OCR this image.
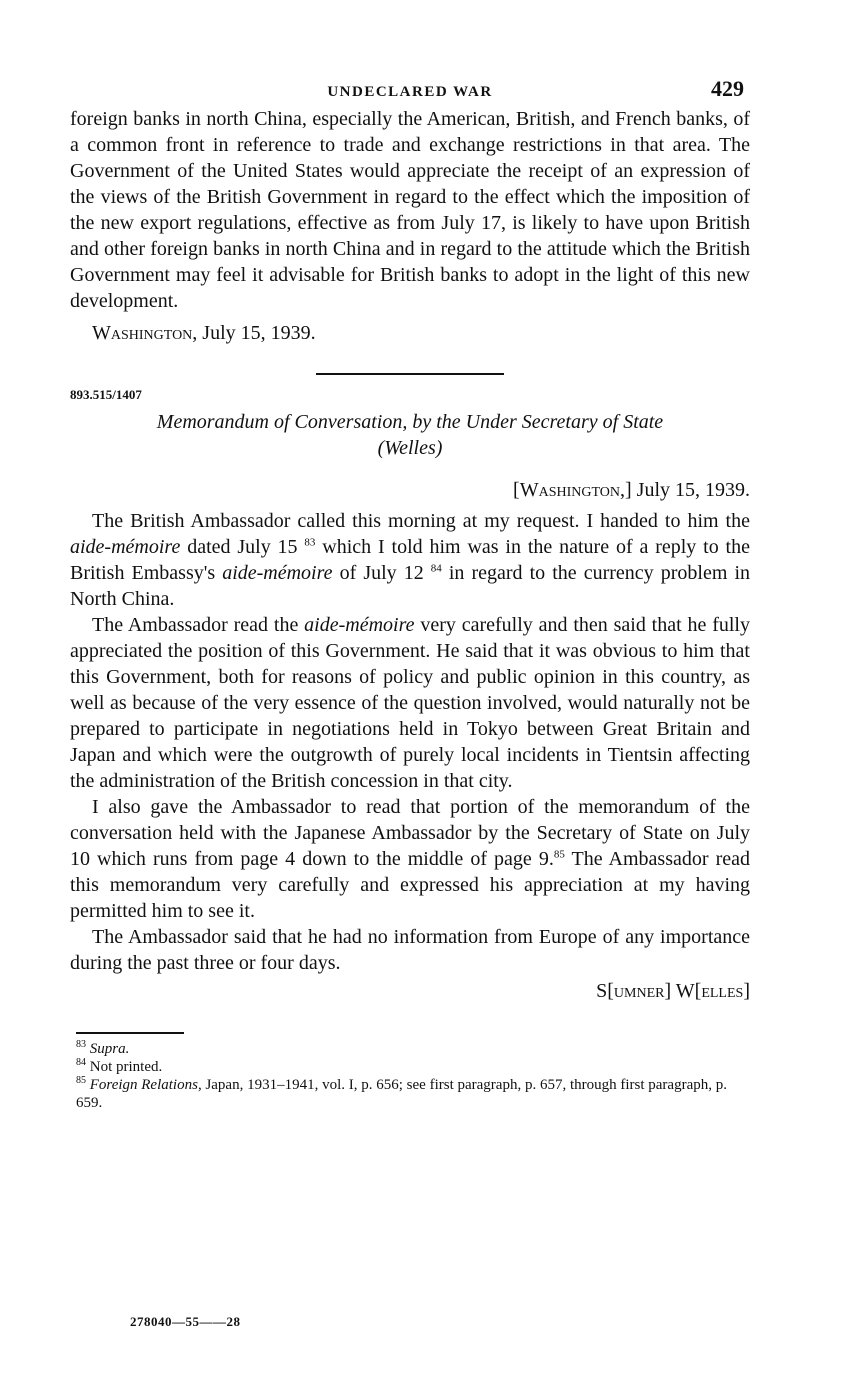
UNDECLARED WAR	429

foreign banks in north China, especially the American, British, and French banks, of a common front in reference to trade and exchange restrictions in that area. The Government of the United States would appreciate the receipt of an expression of the views of the British Government in regard to the effect which the imposition of the new export regulations, effective as from July 17, is likely to have upon British and other foreign banks in north China and in regard to the attitude which the British Government may feel it advisable for British banks to adopt in the light of this new development.

Washington, July 15, 1939.
893.515/1407
Memorandum of Conversation, by the Under Secretary of State
(Welles)
[Washington,] July 15, 1939.

The British Ambassador called this morning at my request. I handed to him the aide-mémoire dated July 15 $^{83}$ which I told him was in the nature of a reply to the British Embassy's aide-mémoire of July 12 $^{84}$ in regard to the currency problem in North China.

The Ambassador read the aide-mémoire very carefully and then said that he fully appreciated the position of this Government. He said that it was obvious to him that this Government, both for reasons of policy and public opinion in this country, as well as because of the very essence of the question involved, would naturally not be prepared to participate in negotiations held in Tokyo between Great Britain and Japan and which were the outgrowth of purely local incidents in Tientsin affecting the administration of the British concession in that city.

I also gave the Ambassador to read that portion of the memorandum of the conversation held with the Japanese Ambassador by the Secretary of State on July 10 which runs from page 4 down to the middle of page 9.85 The Ambassador read this memorandum very carefully and expressed his appreciation at my having permitted him to see it.

The Ambassador said that he had no information from Europe of any importance during the past three or four days.

S[umner] W[elles]
$^{83}$ Supra.
$^{84}$ Not printed.
$^{85}$ Foreign Relations, Japan, 1931–1941, vol. I, p. 656; see first paragraph, p. 657, through first paragraph, p. 659.
278040—55——28
